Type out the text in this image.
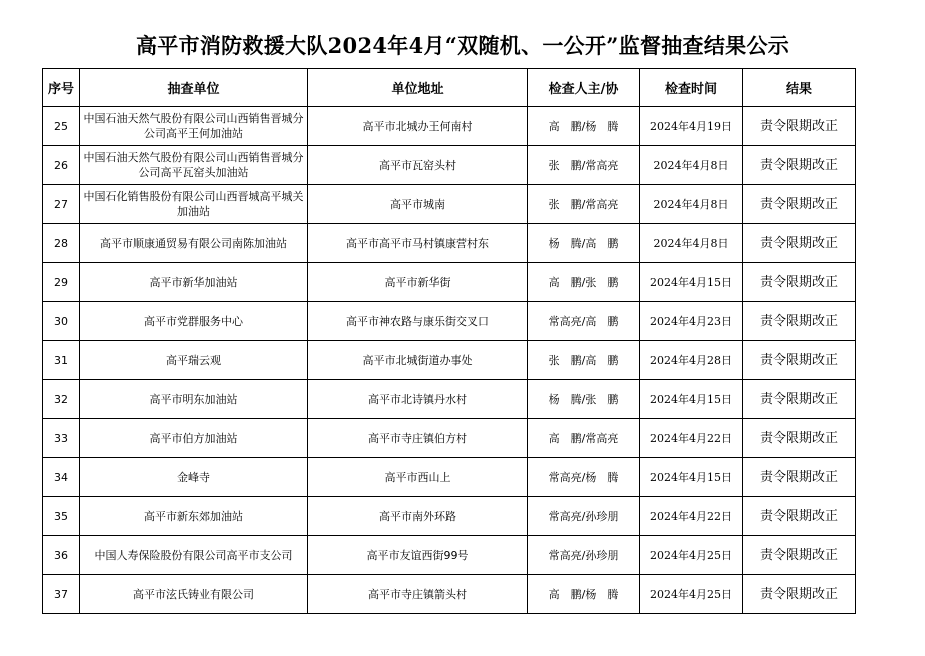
高平市消防救援大队2024年4月“双随机、一公开”监督抽查结果公示
序号	抽查单位	单位地址	检查人主/协	检查时间	结果
25	中国石油天然气股份有限公司山西销售晋城分公司高平王何加油站	高平市北城办王何南村	高　鹏/杨　腾	2024年4月19日	责令限期改正
26	中国石油天然气股份有限公司山西销售晋城分公司高平瓦窑头加油站	高平市瓦窑头村	张　鹏/常高亮	2024年4月8日	责令限期改正
27	中国石化销售股份有限公司山西晋城高平城关加油站	高平市城南	张　鹏/常高亮	2024年4月8日	责令限期改正
28	高平市顺康通贸易有限公司南陈加油站	高平市高平市马村镇康营村东	杨　腾/高　鹏	2024年4月8日	责令限期改正
29	高平市新华加油站	高平市新华街	高　鹏/张　鹏	2024年4月15日	责令限期改正
30	高平市党群服务中心	高平市神农路与康乐街交叉口	常高亮/高　鹏	2024年4月23日	责令限期改正
31	高平瑞云观	高平市北城街道办事处	张　鹏/高　鹏	2024年4月28日	责令限期改正
32	高平市明东加油站	高平市北诗镇丹水村	杨　腾/张　鹏	2024年4月15日	责令限期改正
33	高平市伯方加油站	高平市寺庄镇伯方村	高　鹏/常高亮	2024年4月22日	责令限期改正
34	金峰寺	高平市西山上	常高亮/杨　腾	2024年4月15日	责令限期改正
35	高平市新东郊加油站	高平市南外环路	常高亮/孙珍朋	2024年4月22日	责令限期改正
36	中国人寿保险股份有限公司高平市支公司	高平市友谊西街99号	常高亮/孙珍朋	2024年4月25日	责令限期改正
37	高平市泫氏铸业有限公司	高平市寺庄镇箭头村	高　鹏/杨　腾	2024年4月25日	责令限期改正
